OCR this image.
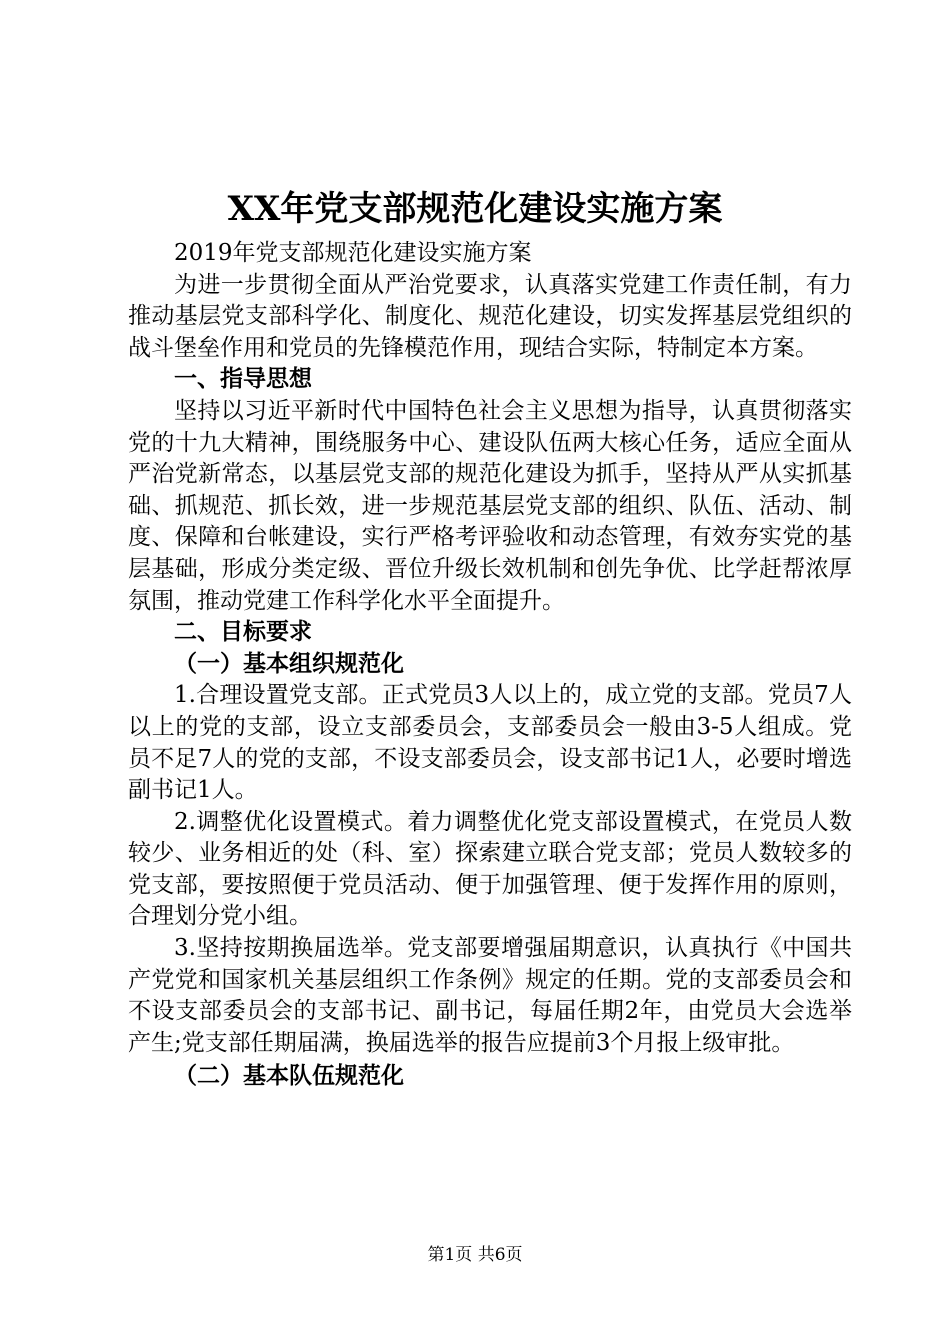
XX年党支部规范化建设实施方案

2019年党支部规范化建设实施方案

为进一步贯彻全面从严治党要求，认真落实党建工作责任制，有力推动基层党支部科学化、制度化、规范化建设，切实发挥基层党组织的战斗堡垒作用和党员的先锋模范作用，现结合实际，特制定本方案。

一、指导思想

坚持以习近平新时代中国特色社会主义思想为指导，认真贯彻落实党的十九大精神，围绕服务中心、建设队伍两大核心任务，适应全面从严治党新常态，以基层党支部的规范化建设为抓手，坚持从严从实抓基础、抓规范、抓长效，进一步规范基层党支部的组织、队伍、活动、制度、保障和台帐建设，实行严格考评验收和动态管理，有效夯实党的基层基础，形成分类定级、晋位升级长效机制和创先争优、比学赶帮浓厚氛围，推动党建工作科学化水平全面提升。

二、目标要求

（一）基本组织规范化

1.合理设置党支部。正式党员3人以上的，成立党的支部。党员7人以上的党的支部，设立支部委员会，支部委员会一般由3-5人组成。党员不足7人的党的支部，不设支部委员会，设支部书记1人，必要时增选副书记1人。

2.调整优化设置模式。着力调整优化党支部设置模式，在党员人数较少、业务相近的处（科、室）探索建立联合党支部；党员人数较多的党支部，要按照便于党员活动、便于加强管理、便于发挥作用的原则，合理划分党小组。

3.坚持按期换届选举。党支部要增强届期意识，认真执行《中国共产党党和国家机关基层组织工作条例》规定的任期。党的支部委员会和不设支部委员会的支部书记、副书记，每届任期2年，由党员大会选举产生;党支部任期届满，换届选举的报告应提前3个月报上级审批。

（二）基本队伍规范化

第1页 共6页
